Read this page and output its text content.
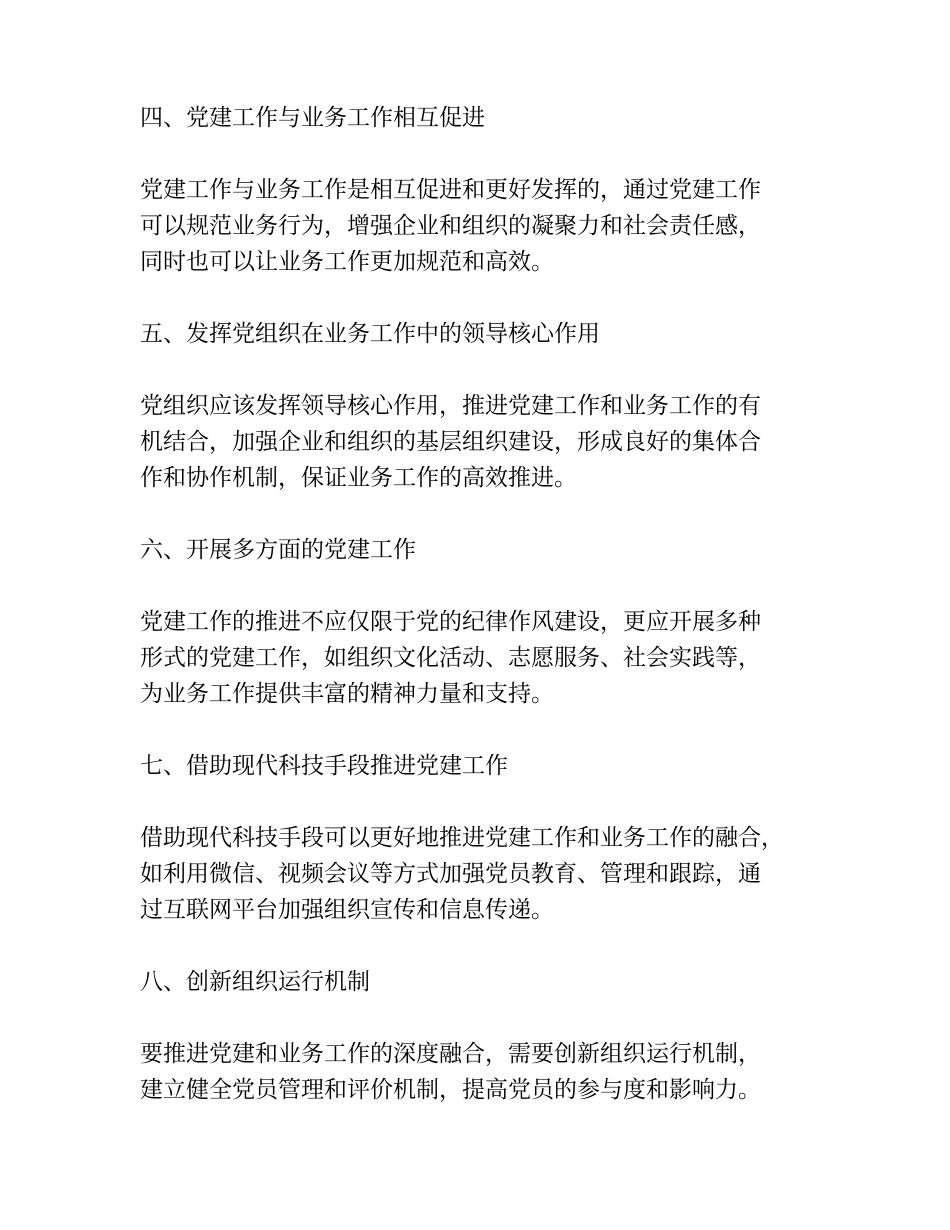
四、党建工作与业务工作相互促进
党建工作与业务工作是相互促进和更好发挥的，通过党建工作
可以规范业务行为，增强企业和组织的凝聚力和社会责任感，
同时也可以让业务工作更加规范和高效。
五、发挥党组织在业务工作中的领导核心作用
党组织应该发挥领导核心作用，推进党建工作和业务工作的有
机结合，加强企业和组织的基层组织建设，形成良好的集体合
作和协作机制，保证业务工作的高效推进。
六、开展多方面的党建工作
党建工作的推进不应仅限于党的纪律作风建设，更应开展多种
形式的党建工作，如组织文化活动、志愿服务、社会实践等，
为业务工作提供丰富的精神力量和支持。
七、借助现代科技手段推进党建工作
借助现代科技手段可以更好地推进党建工作和业务工作的融合，
如利用微信、视频会议等方式加强党员教育、管理和跟踪，通
过互联网平台加强组织宣传和信息传递。
八、创新组织运行机制
要推进党建和业务工作的深度融合，需要创新组织运行机制，
建立健全党员管理和评价机制，提高党员的参与度和影响力。
